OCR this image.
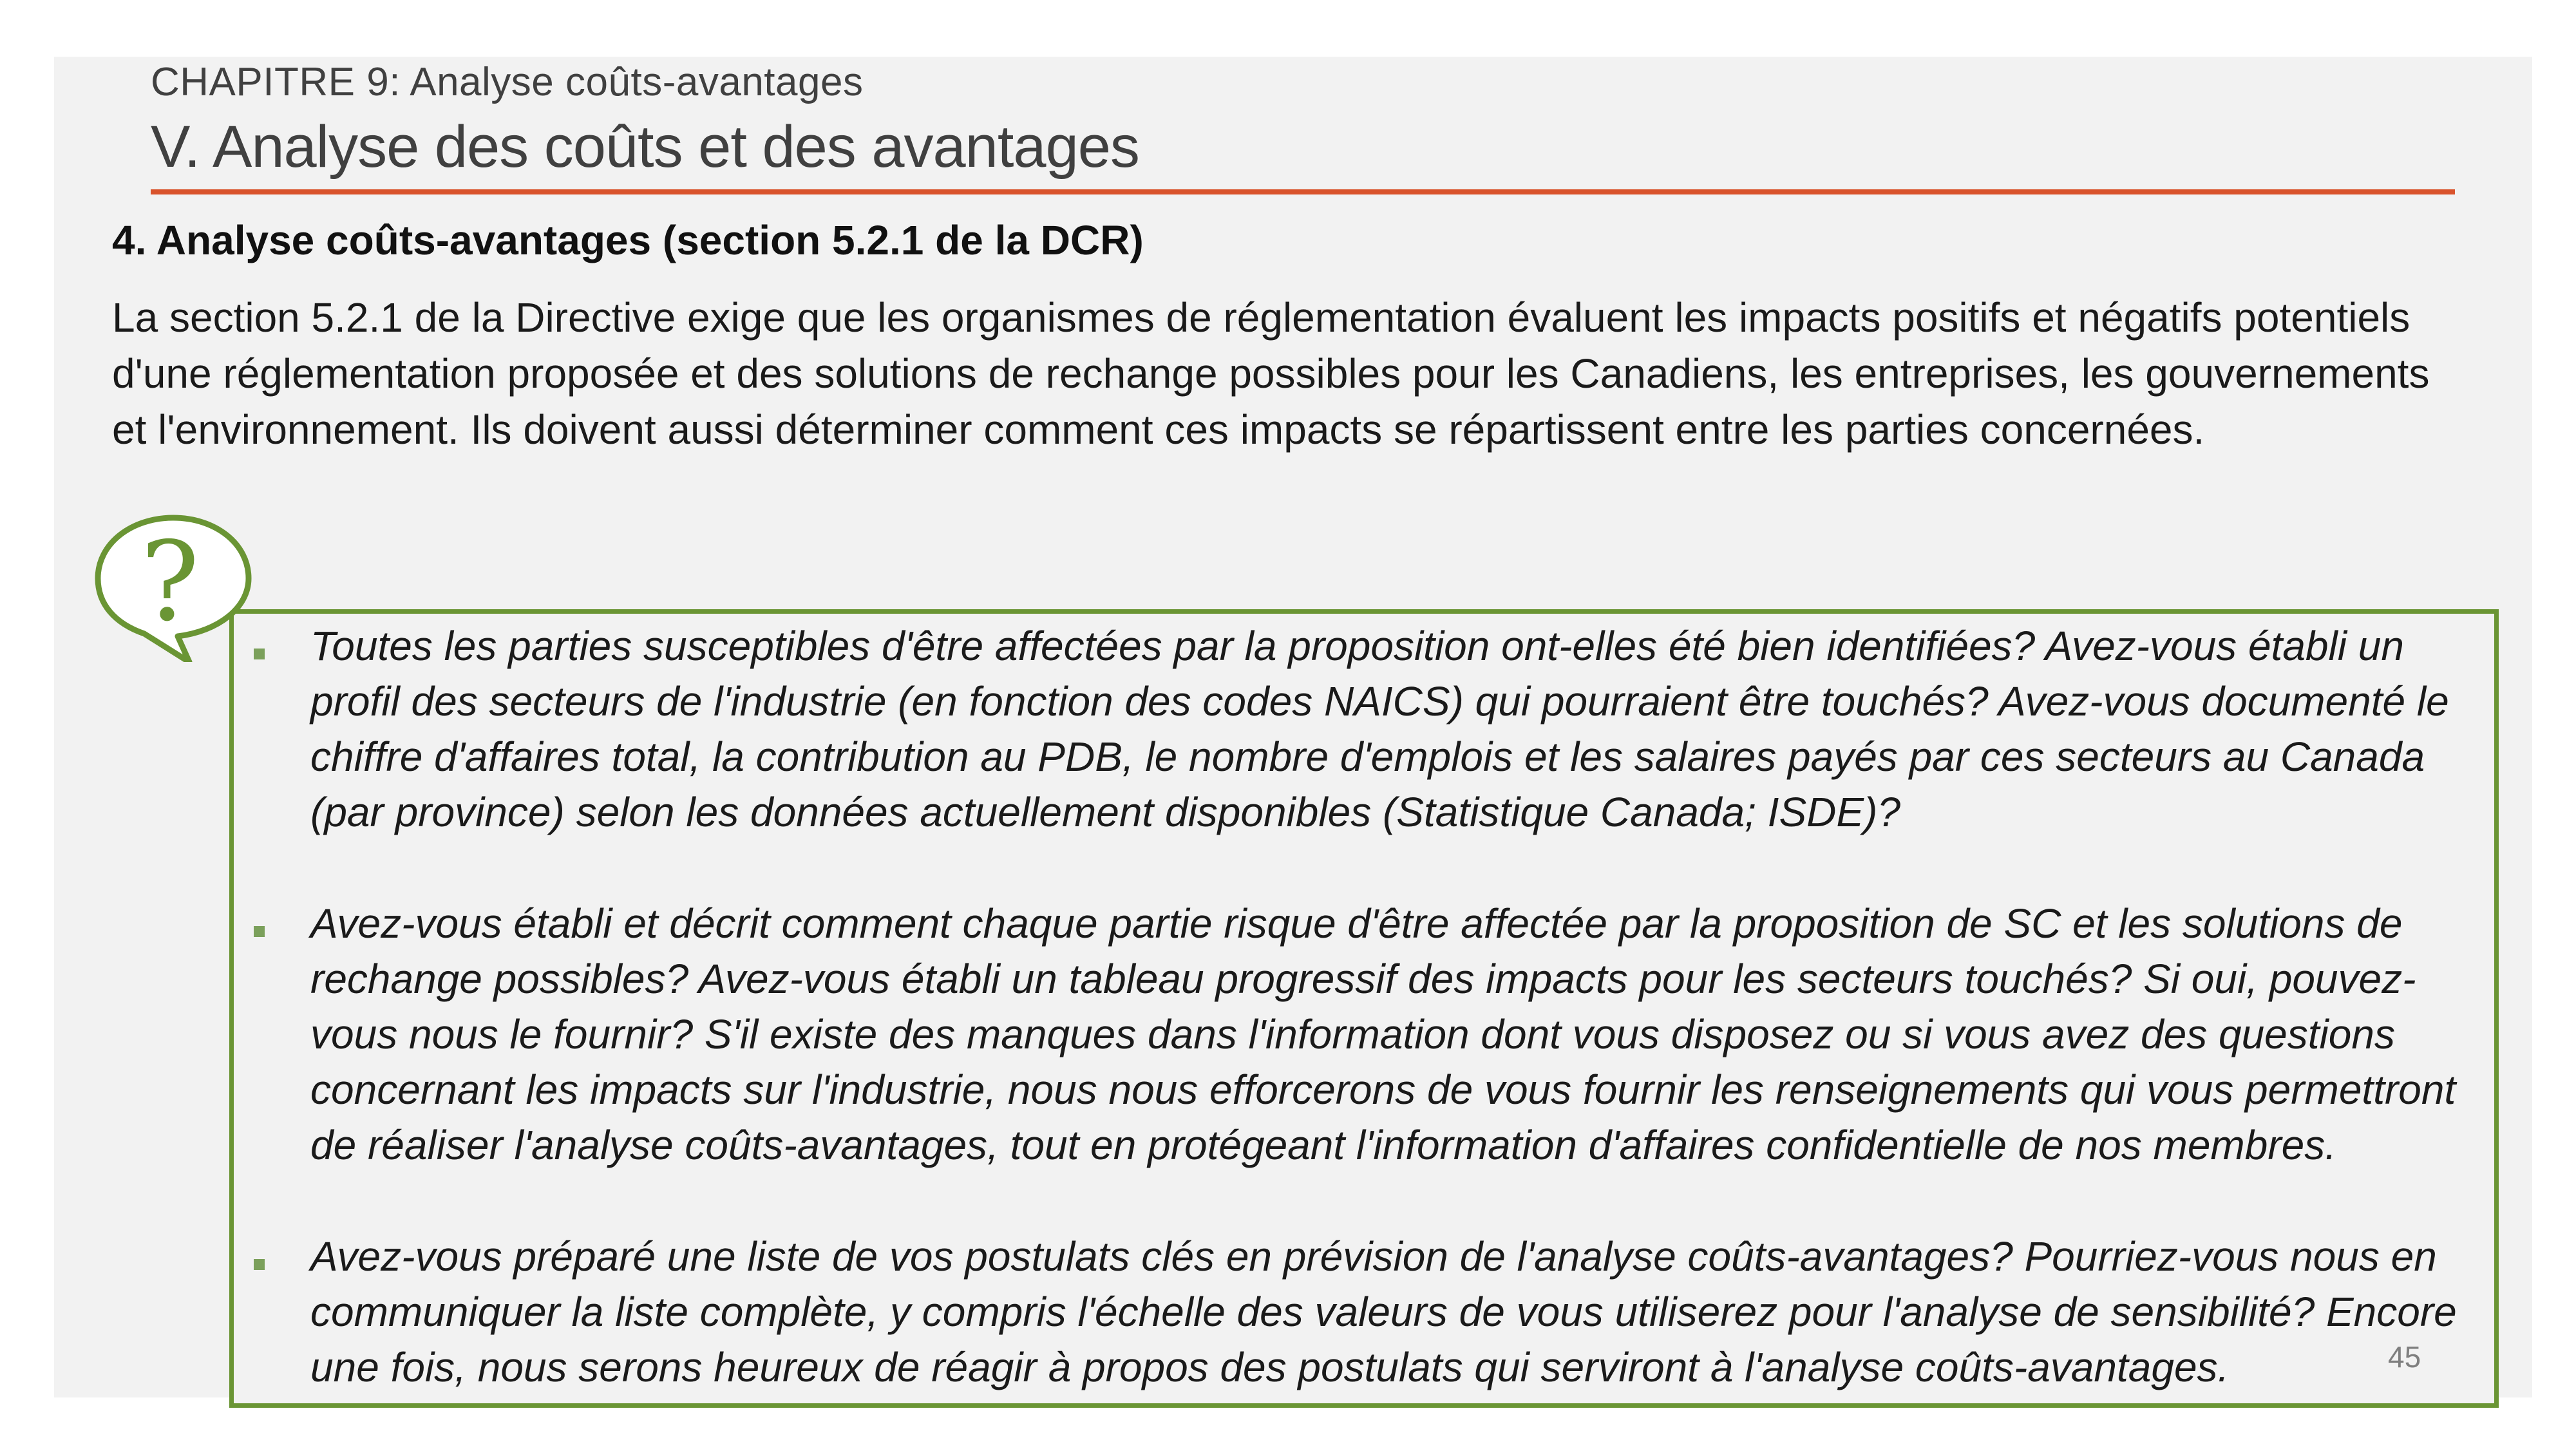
CHAPITRE 9: Analyse coûts-avantages
V. Analyse des coûts et des avantages
4. Analyse coûts-avantages (section 5.2.1 de la DCR)
La section 5.2.1 de la Directive exige que les organismes de réglementation évaluent les impacts positifs et négatifs potentiels d'une réglementation proposée et des solutions de rechange possibles pour les Canadiens, les entreprises, les gouvernements et l'environnement. Ils doivent aussi déterminer comment ces impacts se répartissent entre les parties concernées.
?	Toutes les parties susceptibles d'être affectées par la proposition ont-elles été bien identifiées? Avez-vous établi un profil des secteurs de l'industrie (en fonction des codes NAICS) qui pourraient être touchés? Avez-vous documenté le chiffre d'affaires total, la contribution au PDB, le nombre d'emplois et les salaires payés par ces secteurs au Canada (par province) selon les données actuellement disponibles (Statistique Canada; ISDE)?
Avez-vous établi et décrit comment chaque partie risque d'être affectée par la proposition de SC et les solutions de rechange possibles? Avez-vous établi un tableau progressif des impacts pour les secteurs touchés? Si oui, pouvez-vous nous le fournir? S'il existe des manques dans l'information dont vous disposez ou si vous avez des questions concernant les impacts sur l'industrie, nous nous efforcerons de vous fournir les renseignements qui vous permettront de réaliser l'analyse coûts-avantages, tout en protégeant l'information d'affaires confidentielle de nos membres.
Avez-vous préparé une liste de vos postulats clés en prévision de l'analyse coûts-avantages? Pourriez-vous nous en communiquer la liste complète, y compris l'échelle des valeurs de vous utiliserez pour l'analyse de sensibilité? Encore une fois, nous serons heureux de réagir à propos des postulats qui serviront à l'analyse coûts-avantages.	45
